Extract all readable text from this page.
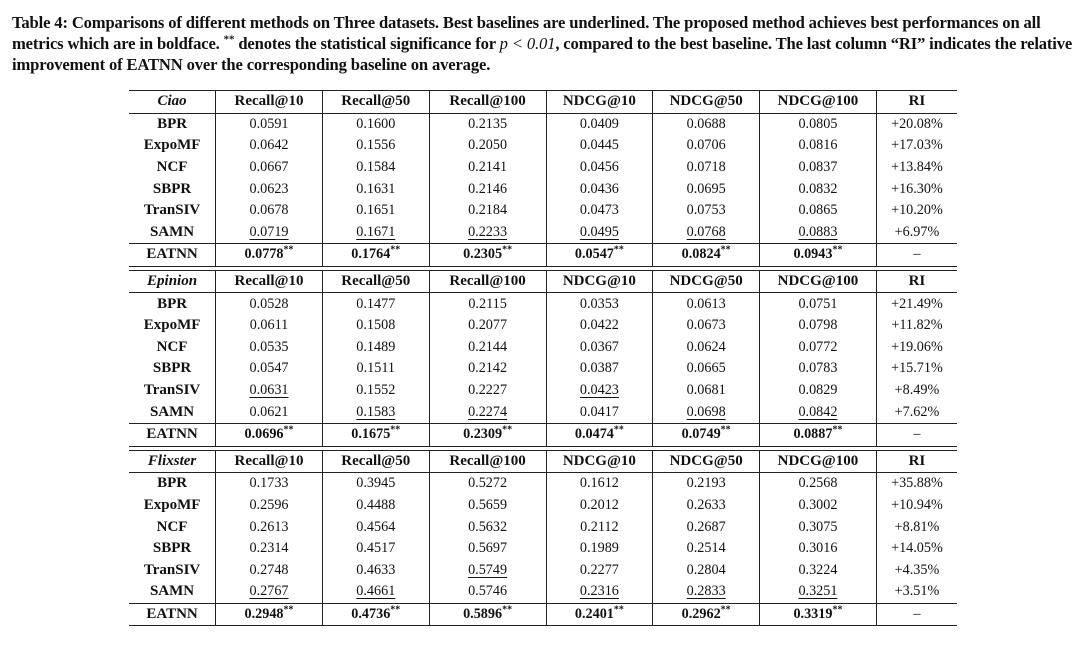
Table 4: Comparisons of different methods on Three datasets. Best baselines are underlined. The proposed method achieves best performances on all metrics which are in boldface. ** denotes the statistical significance for p < 0.01, compared to the best baseline. The last column “RI” indicates the relative improvement of EATNN over the corresponding baseline on average.
Ciao	Recall@10	Recall@50	Recall@100	NDCG@10	NDCG@50	NDCG@100	RI
BPR	0.0591	0.1600	0.2135	0.0409	0.0688	0.0805	+20.08%
ExpoMF	0.0642	0.1556	0.2050	0.0445	0.0706	0.0816	+17.03%
NCF	0.0667	0.1584	0.2141	0.0456	0.0718	0.0837	+13.84%
SBPR	0.0623	0.1631	0.2146	0.0436	0.0695	0.0832	+16.30%
TranSIV	0.0678	0.1651	0.2184	0.0473	0.0753	0.0865	+10.20%
SAMN	0.0719	0.1671	0.2233	0.0495	0.0768	0.0883	+6.97%
EATNN	0.0778**	0.1764**	0.2305**	0.0547**	0.0824**	0.0943**	–

Epinion	Recall@10	Recall@50	Recall@100	NDCG@10	NDCG@50	NDCG@100	RI
BPR	0.0528	0.1477	0.2115	0.0353	0.0613	0.0751	+21.49%
ExpoMF	0.0611	0.1508	0.2077	0.0422	0.0673	0.0798	+11.82%
NCF	0.0535	0.1489	0.2144	0.0367	0.0624	0.0772	+19.06%
SBPR	0.0547	0.1511	0.2142	0.0387	0.0665	0.0783	+15.71%
TranSIV	0.0631	0.1552	0.2227	0.0423	0.0681	0.0829	+8.49%
SAMN	0.0621	0.1583	0.2274	0.0417	0.0698	0.0842	+7.62%
EATNN	0.0696**	0.1675**	0.2309**	0.0474**	0.0749**	0.0887**	–

Flixster	Recall@10	Recall@50	Recall@100	NDCG@10	NDCG@50	NDCG@100	RI
BPR	0.1733	0.3945	0.5272	0.1612	0.2193	0.2568	+35.88%
ExpoMF	0.2596	0.4488	0.5659	0.2012	0.2633	0.3002	+10.94%
NCF	0.2613	0.4564	0.5632	0.2112	0.2687	0.3075	+8.81%
SBPR	0.2314	0.4517	0.5697	0.1989	0.2514	0.3016	+14.05%
TranSIV	0.2748	0.4633	0.5749	0.2277	0.2804	0.3224	+4.35%
SAMN	0.2767	0.4661	0.5746	0.2316	0.2833	0.3251	+3.51%
EATNN	0.2948**	0.4736**	0.5896**	0.2401**	0.2962**	0.3319**	–
